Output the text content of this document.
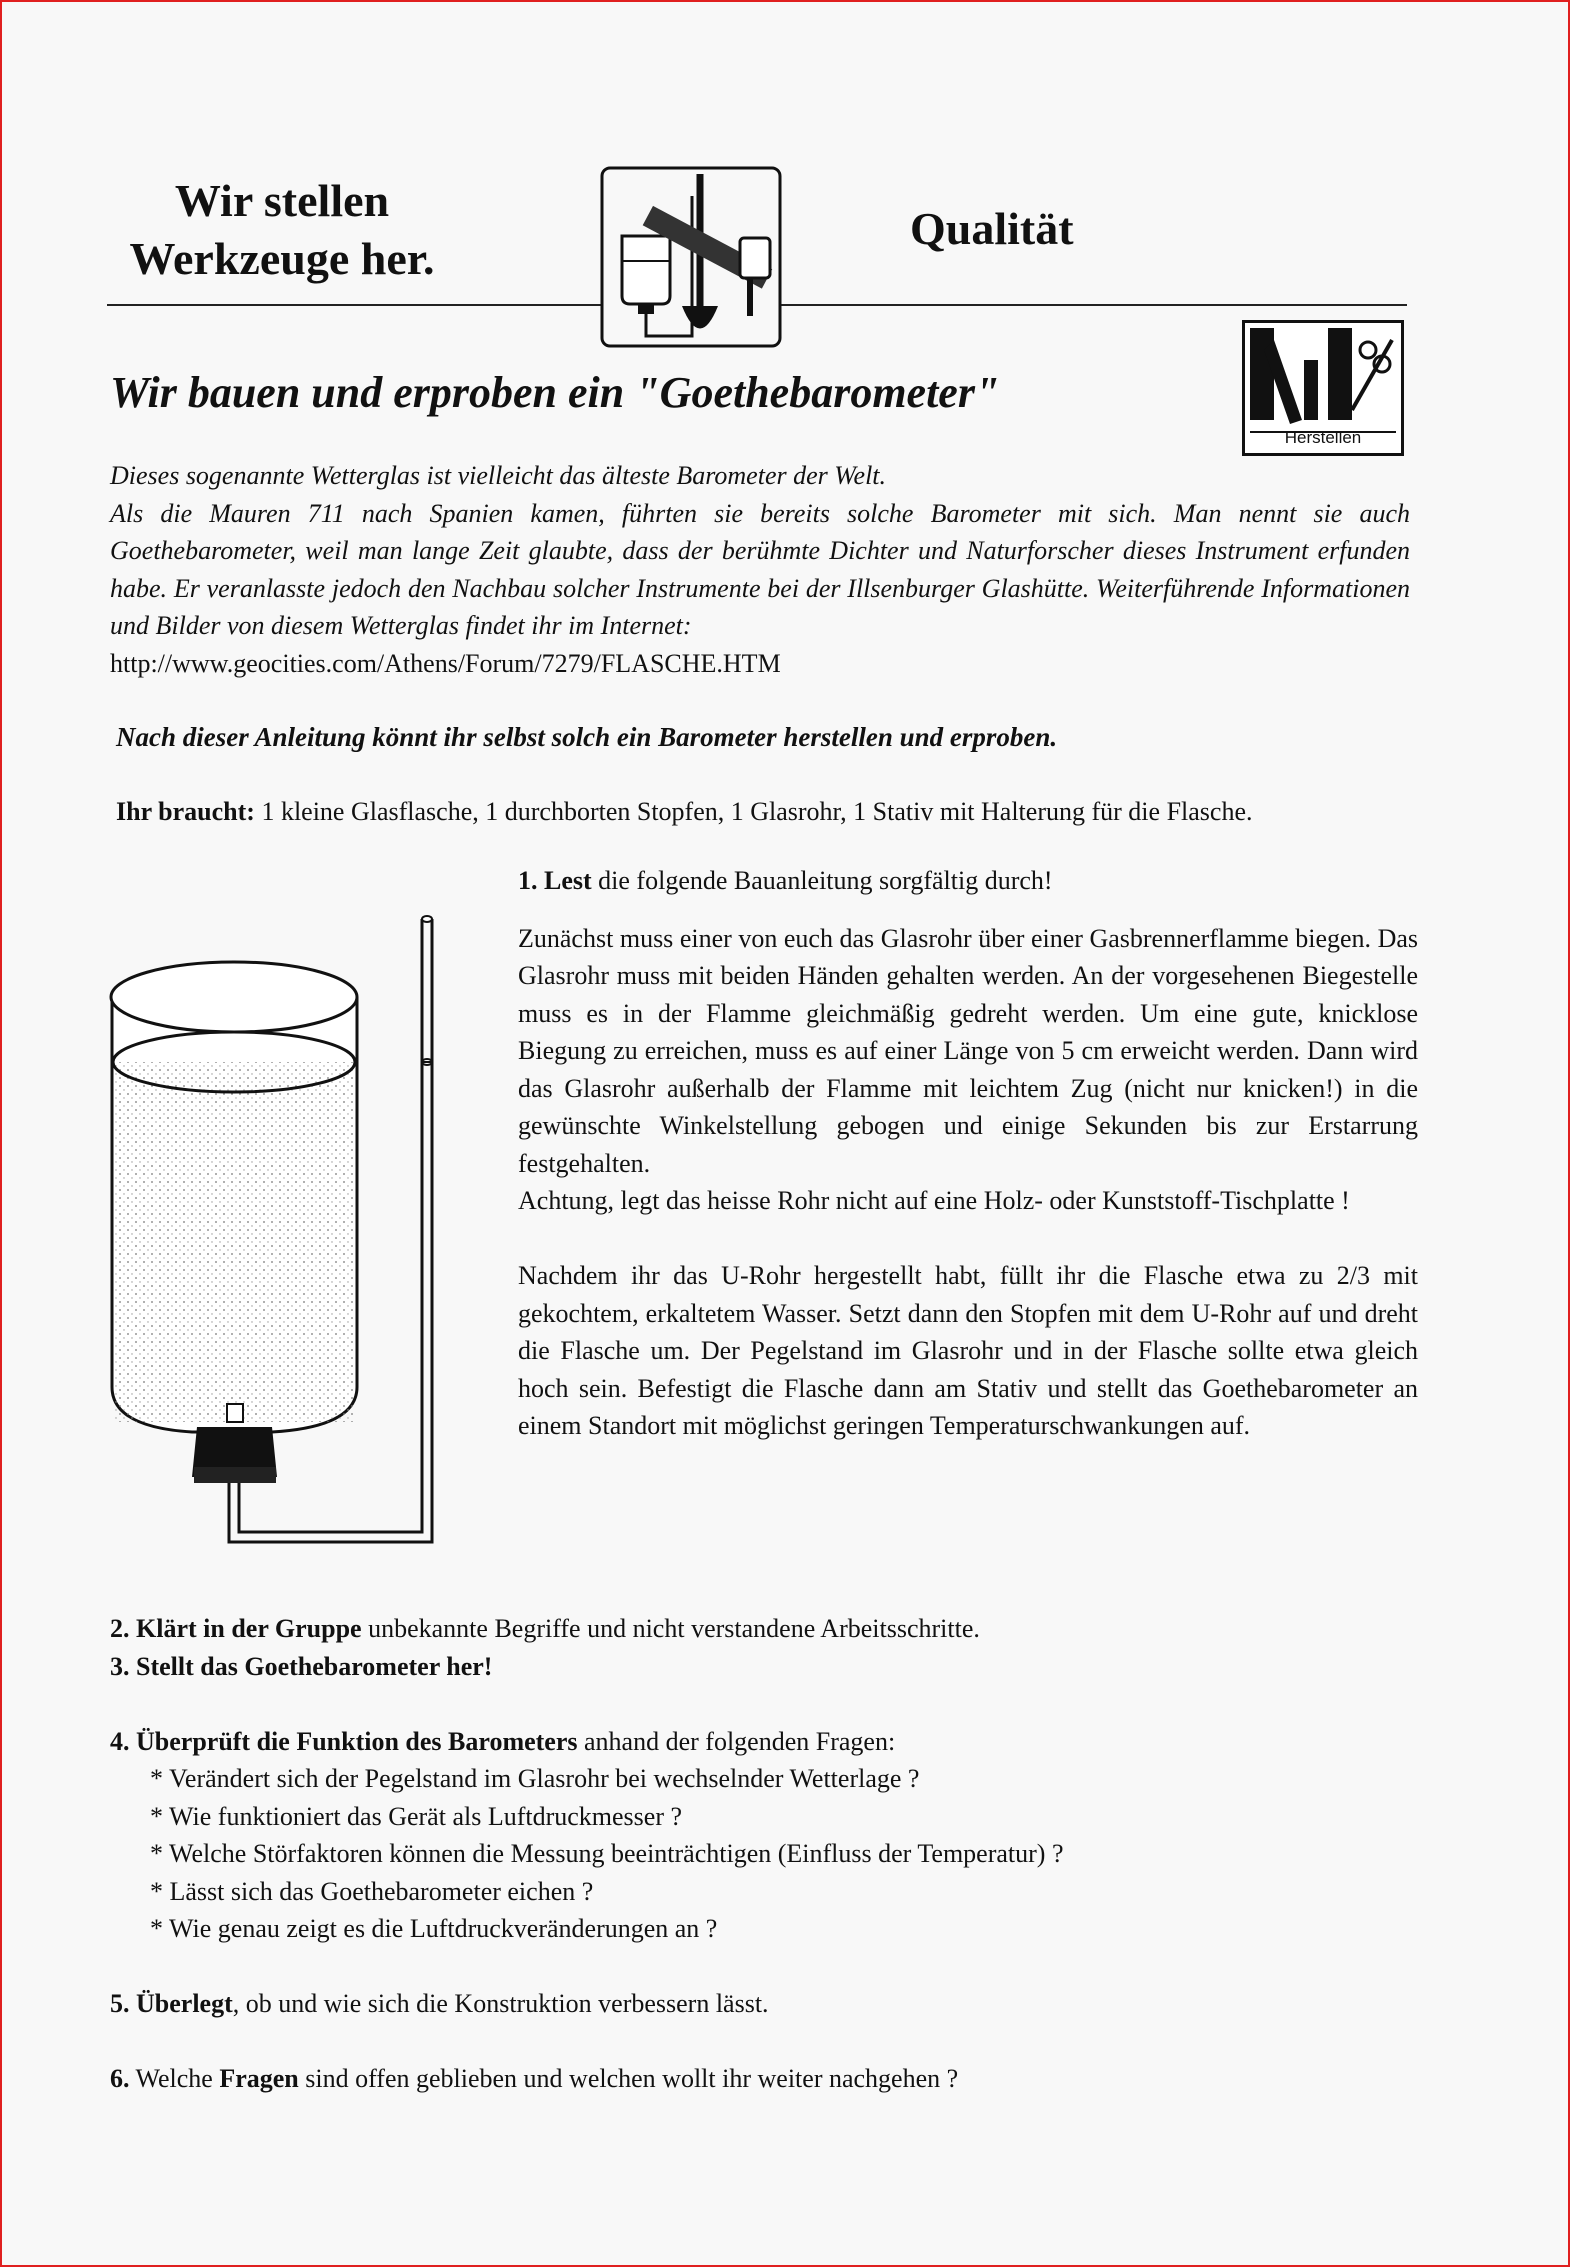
Wir stellen
Werkzeuge her.
Qualität
Wir bauen und erproben ein "Goethebarometer"
Herstellen

Dieses sogenannte Wetterglas ist vielleicht das älteste Barometer der Welt.

Als die Mauren 711 nach Spanien kamen, führten sie bereits solche Barometer mit sich. Man nennt sie auch Goethebarometer, weil man lange Zeit glaubte, dass der berühmte Dichter und Naturforscher dieses Instrument erfunden habe. Er veranlasste jedoch den Nachbau solcher Instrumente bei der Illsenburger Glashütte. Weiterführende Informationen und Bilder von diesem Wetterglas findet ihr im Internet:

http://www.geocities.com/Athens/Forum/7279/FLASCHE.HTM

Nach dieser Anleitung könnt ihr selbst solch ein Barometer herstellen und erproben.
Ihr braucht: 1 kleine Glasflasche, 1 durchborten Stopfen, 1 Glasrohr, 1 Stativ mit Halterung für die Flasche.

1. Lest die folgende Bauanleitung sorgfältig durch!

Zunächst muss einer von euch das Glasrohr über einer Gasbrennerflamme biegen. Das Glasrohr muss mit beiden Händen gehalten werden. An der vorgesehenen Biegestelle muss es in der Flamme gleichmäßig gedreht werden. Um eine gute, knicklose Biegung zu erreichen, muss es auf einer Länge von 5 cm erweicht werden. Dann wird das Glasrohr außerhalb der Flamme mit leichtem Zug (nicht nur knicken!) in die gewünschte Winkelstellung gebogen und einige Sekunden bis zur Erstarrung festgehalten.

Achtung, legt das heisse Rohr nicht auf eine Holz- oder Kunststoff-Tischplatte !

Nachdem ihr das U-Rohr hergestellt habt, füllt ihr die Flasche etwa zu 2/3 mit gekochtem, erkaltetem Wasser. Setzt dann den Stopfen mit dem U-Rohr auf und dreht die Flasche um. Der Pegelstand im Glasrohr und in der Flasche sollte etwa gleich hoch sein. Befestigt die Flasche dann am Stativ und stellt das Goethebarometer an einem Standort mit möglichst geringen Temperaturschwankungen auf.

2. Klärt in der Gruppe unbekannte Begriffe und nicht verstandene Arbeitsschritte.

3. Stellt das Goethebarometer her!

4. Überprüft die Funktion des Barometers anhand der folgenden Fragen:

* Verändert sich der Pegelstand im Glasrohr bei wechselnder Wetterlage ?

* Wie funktioniert das Gerät als Luftdruckmesser ?

* Welche Störfaktoren können die Messung beeinträchtigen (Einfluss der Temperatur) ?

* Lässt sich das Goethebarometer eichen ?

* Wie genau zeigt es die Luftdruckveränderungen an ?

5. Überlegt, ob und wie sich die Konstruktion verbessern lässt.

6. Welche Fragen sind offen geblieben und welchen wollt ihr weiter nachgehen ?
